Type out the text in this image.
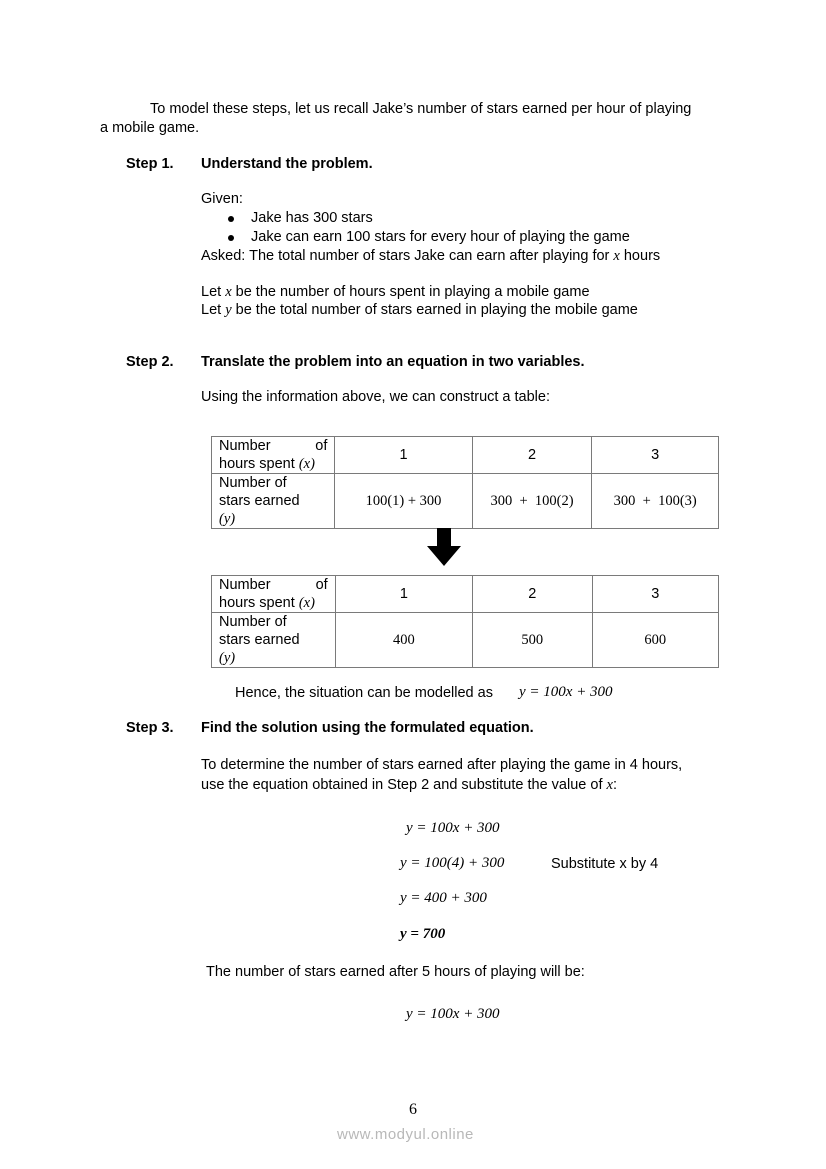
To model these steps, let us recall Jake’s number of stars earned per hour of playing
a mobile game.
Step 1. Understand the problem.
Given:
Jake has 300 stars
Jake can earn 100 stars for every hour of playing the game
Asked: The total number of stars Jake can earn after playing for x hours
Let x be the number of hours spent in playing a mobile game
Let y be the total number of stars earned in playing the mobile game
Step 2. Translate the problem into an equation in two variables.
Using the information above, we can construct a table:
Number of
hours spent (x)	1	2	3

Number of
stars earned
(y)	100(1) + 300	300  +  100(2)	300  +  100(3)
Number of
hours spent (x)	1	2	3

Number of
stars earned
(y)	400	500	600
Hence, the situation can be modelled as y = 100x + 300
Step 3. Find the solution using the formulated equation.
To determine the number of stars earned after playing the game in 4 hours,
use the equation obtained in Step 2 and substitute the value of x:
y = 100x + 300
y = 100(4) + 300	Substitute x by 4
y = 400 + 300
y = 700
The number of stars earned after 5 hours of playing will be:
y = 100x + 300
6
www.modyul.online
